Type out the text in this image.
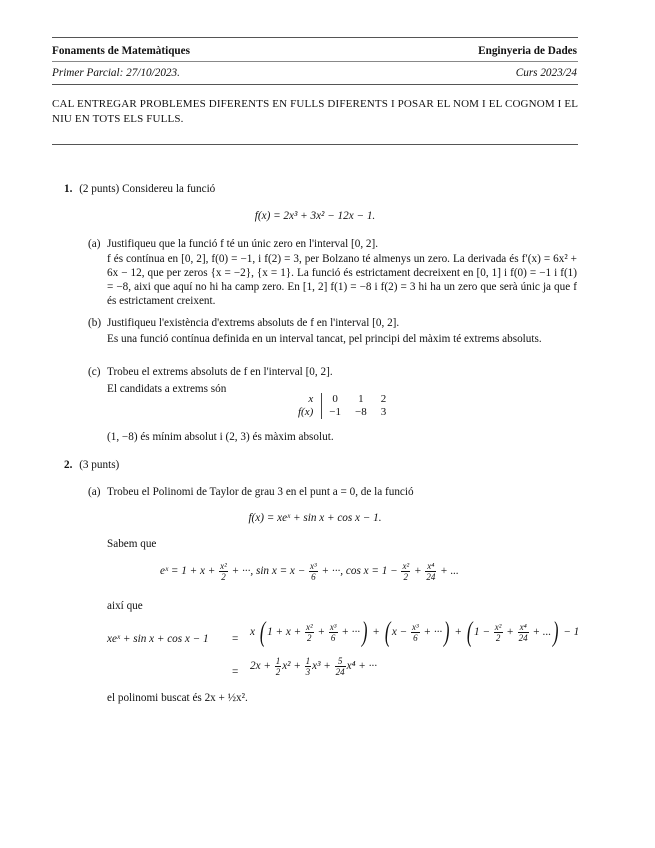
Fonaments de Matemàtiques	Enginyeria de Dades
Primer Parcial: 27/10/2023.	Curs 2023/24
CAL ENTREGAR PROBLEMES DIFERENTS EN FULLS DIFERENTS I POSAR EL NOM I EL COGNOM I EL NIU EN TOTS ELS FULLS.
1. (2 punts) Considereu la funció
f(x) = 2x³ + 3x² − 12x − 1.
(a) Justifiqueu que la funció f té un únic zero en l'interval [0, 2].
f és contínua en [0, 2], f(0) = −1, i f(2) = 3, per Bolzano té almenys un zero. La derivada és f′(x) = 6x² + 6x − 12, que per zeros {x = −2}, {x = 1}. La funció és estrictament decreixent en [0, 1] i f(0) = −1 i f(1) = −8, aixi que aquí no hi ha camp zero. En [1, 2] f(1) = −8 i f(2) = 3 hi ha un zero que serà únic ja que f és estrictament creixent.
(b) Justifiqueu l'existència d'extrems absoluts de f en l'interval [0, 2].
Es una funció contínua definida en un interval tancat, pel principi del màxim té extrems absoluts.
(c) Trobeu el extrems absoluts de f en l'interval [0, 2].
El candidats a extrems són
x	0	1	2
f(x)	−1	−8	3
(1, −8) és mínim absolut i (2, 3) és màxim absolut.
2. (3 punts)
(a) Trobeu el Polinomi de Taylor de grau 3 en el punt a = 0, de la funció
f(x) = xeˣ + sin x + cos x − 1.
Sabem que
eˣ = $1 + x + \frac{\text{x²}}{2}$ + ···, $\sin x = x - \frac{\text{x³}}{6}$ + ···, $\cos x = 1 - \frac{\text{x²}}{2} + \frac{\text{x⁴}}{24}$ + ...
així que
xeˣ + sin x + cos x − 1 =
x ( $1 + x + \frac{\text{x²}}{2} + \frac{\text{x³}}{6}$ + ···) + ( $x - \frac{\text{x³}}{6}$ + ···) + ( $1 - \frac{\text{x²}}{2} + \frac{\text{x⁴}}{24}$ + ...) − 1
= $2x + \frac{1}{2} x^2 + \frac{1}{3} x^3 + \frac{5}{24} x^4$ + ···
el polinomi buscat és 2x + ½x².
